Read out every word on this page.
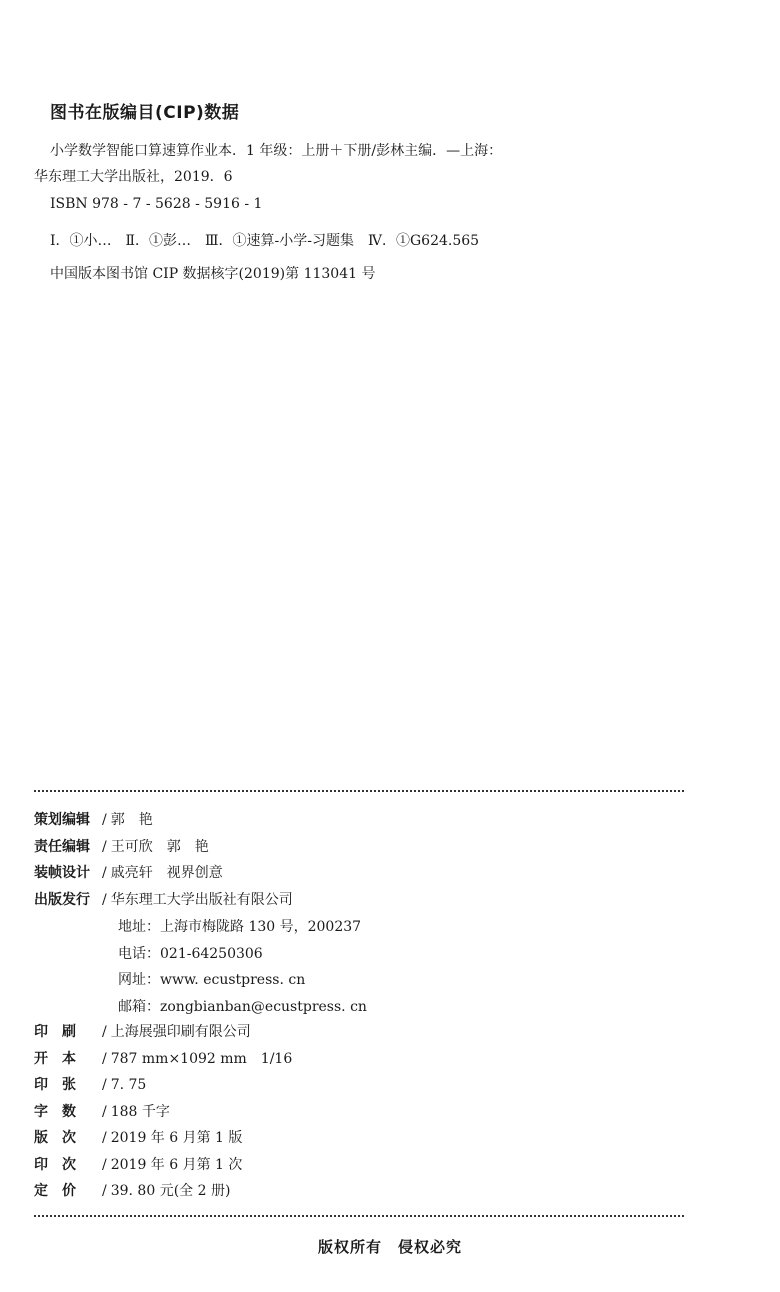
图书在版编目(CIP)数据
小学数学智能口算速算作业本．1 年级：上册＋下册/彭林主编．—上海：
华东理工大学出版社，2019．6
ISBN 978 - 7 - 5628 - 5916 - 1
Ⅰ．①小…　Ⅱ．①彭…　Ⅲ．①速算-小学-习题集　Ⅳ．①G624.565
中国版本图书馆 CIP 数据核字(2019)第 113041 号
策划编辑 / 郭　艳
责任编辑 / 王可欣　郭　艳
装帧设计 / 戚亮轩　视界创意
出版发行 / 华东理工大学出版社有限公司
地址：上海市梅陇路 130 号，200237
电话：021-64250306
网址：www. ecustpress. cn
邮箱：zongbianban@ecustpress. cn
印　刷 / 上海展强印刷有限公司
开　本 / 787 mm×1092 mm　1/16
印　张 / 7. 75
字　数 / 188 千字
版　次 / 2019 年 6 月第 1 版
印　次 / 2019 年 6 月第 1 次
定　价 / 39. 80 元(全 2 册)
版权所有　侵权必究
